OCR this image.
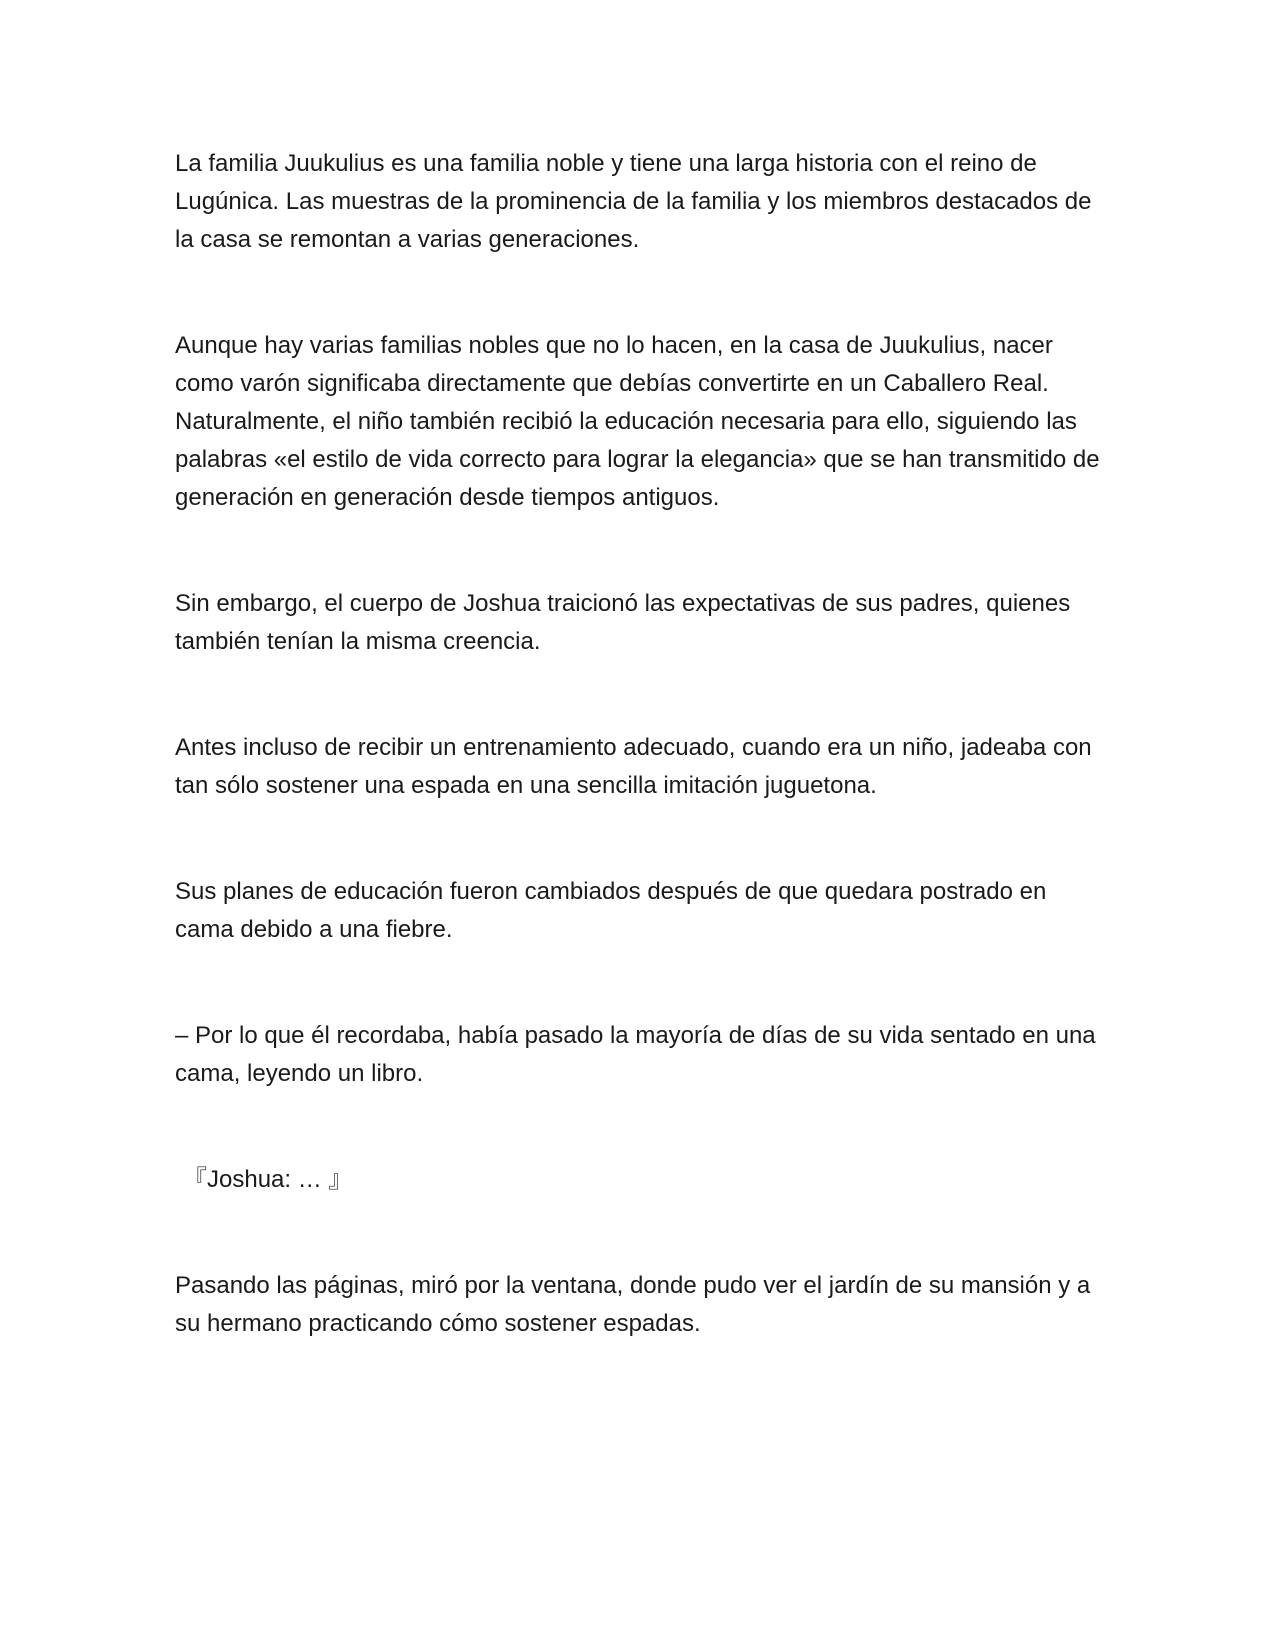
La familia Juukulius es una familia noble y tiene una larga historia con el reino de Lugúnica. Las muestras de la prominencia de la familia y los miembros destacados de la casa se remontan a varias generaciones.

Aunque hay varias familias nobles que no lo hacen, en la casa de Juukulius, nacer como varón significaba directamente que debías convertirte en un Caballero Real. Naturalmente, el niño también recibió la educación necesaria para ello, siguiendo las palabras «el estilo de vida correcto para lograr la elegancia» que se han transmitido de generación en generación desde tiempos antiguos.

Sin embargo, el cuerpo de Joshua traicionó las expectativas de sus padres, quienes también tenían la misma creencia.

Antes incluso de recibir un entrenamiento adecuado, cuando era un niño, jadeaba con tan sólo sostener una espada en una sencilla imitación juguetona.

Sus planes de educación fueron cambiados después de que quedara postrado en cama debido a una fiebre.

– Por lo que él recordaba, había pasado la mayoría de días de su vida sentado en una cama, leyendo un libro.

『Joshua: … 』

Pasando las páginas, miró por la ventana, donde pudo ver el jardín de su mansión y a su hermano practicando cómo sostener espadas.
